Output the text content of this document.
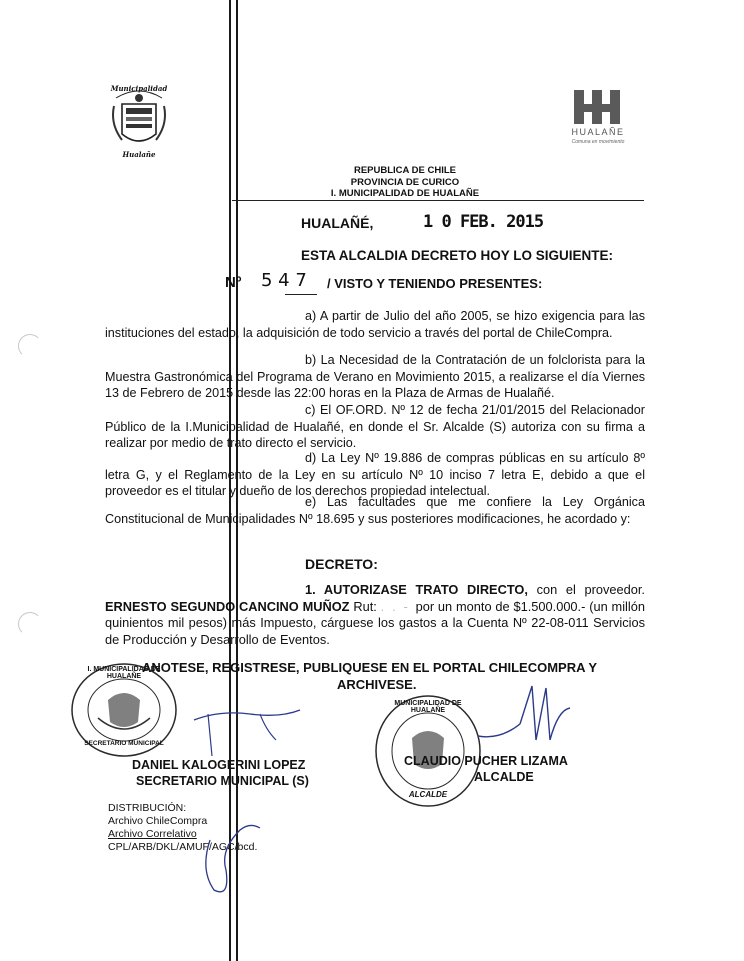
Municipalidad
Hualañe
HUALAÑE
Comuna en movimiento
REPUBLICA DE CHILE
PROVINCIA DE CURICO
I. MUNICIPALIDAD DE HUALAÑE
HUALAÑÉ,	1 0 FEB. 2015
ESTA ALCALDIA DECRETO HOY LO SIGUIENTE:
Nº 5 4 7 / VISTO Y TENIENDO PRESENTES:

a) A partir de Julio del año 2005, se hizo exigencia para las instituciones del estado, la adquisición de todo servicio a través del portal de ChileCompra.

b) La Necesidad de la Contratación de un folclorista para la Muestra Gastronómica del Programa de Verano en Movimiento 2015, a realizarse el día Viernes 13 de Febrero de 2015 desde las 22:00 horas en la Plaza de Armas de Hualañé.

c) El OF.ORD. Nº 12 de fecha 21/01/2015 del Relacionador Público de la I.Municipalidad de Hualañé, en donde el Sr. Alcalde (S) autoriza con su firma a realizar por medio de trato directo el servicio.

d) La Ley Nº 19.886 de compras públicas en su artículo 8º letra G, y el Reglamento de la Ley en su artículo Nº 10 inciso 7 letra E, debido a que el proveedor es el titular y dueño de los derechos propiedad intelectual.

e) Las facultades que me confiere la Ley Orgánica Constitucional de Municipalidades Nº 18.695 y sus posteriores modificaciones, he acordado y:

DECRETO:

1. AUTORIZASE TRATO DIRECTO, con el proveedor. ERNESTO SEGUNDO CANCINO MUÑOZ Rut: . . - por un monto de $1.500.000.- (un millón quinientos mil pesos) más Impuesto, cárguese los gastos a la Cuenta Nº 22-08-011 Servicios de Producción y Desarrollo de Eventos.

ANOTESE, REGISTRESE, PUBLIQUESE EN EL PORTAL CHILECOMPRA Y
ARCHIVESE.
I. MUNICIPALIDAD DE HUALAÑE
SECRETARIO MUNICIPAL
DANIEL KALOGERINI LOPEZ
SECRETARIO MUNICIPAL (S)
MUNICIPALIDAD DE HUALAÑE
ALCALDE
CLAUDIO PUCHER LIZAMA
ALCALDE
DISTRIBUCIÓN:
Archivo ChileCompra
Archivo Correlativo
CPL/ARB/DKL/AMUF/AGC/bcd.
